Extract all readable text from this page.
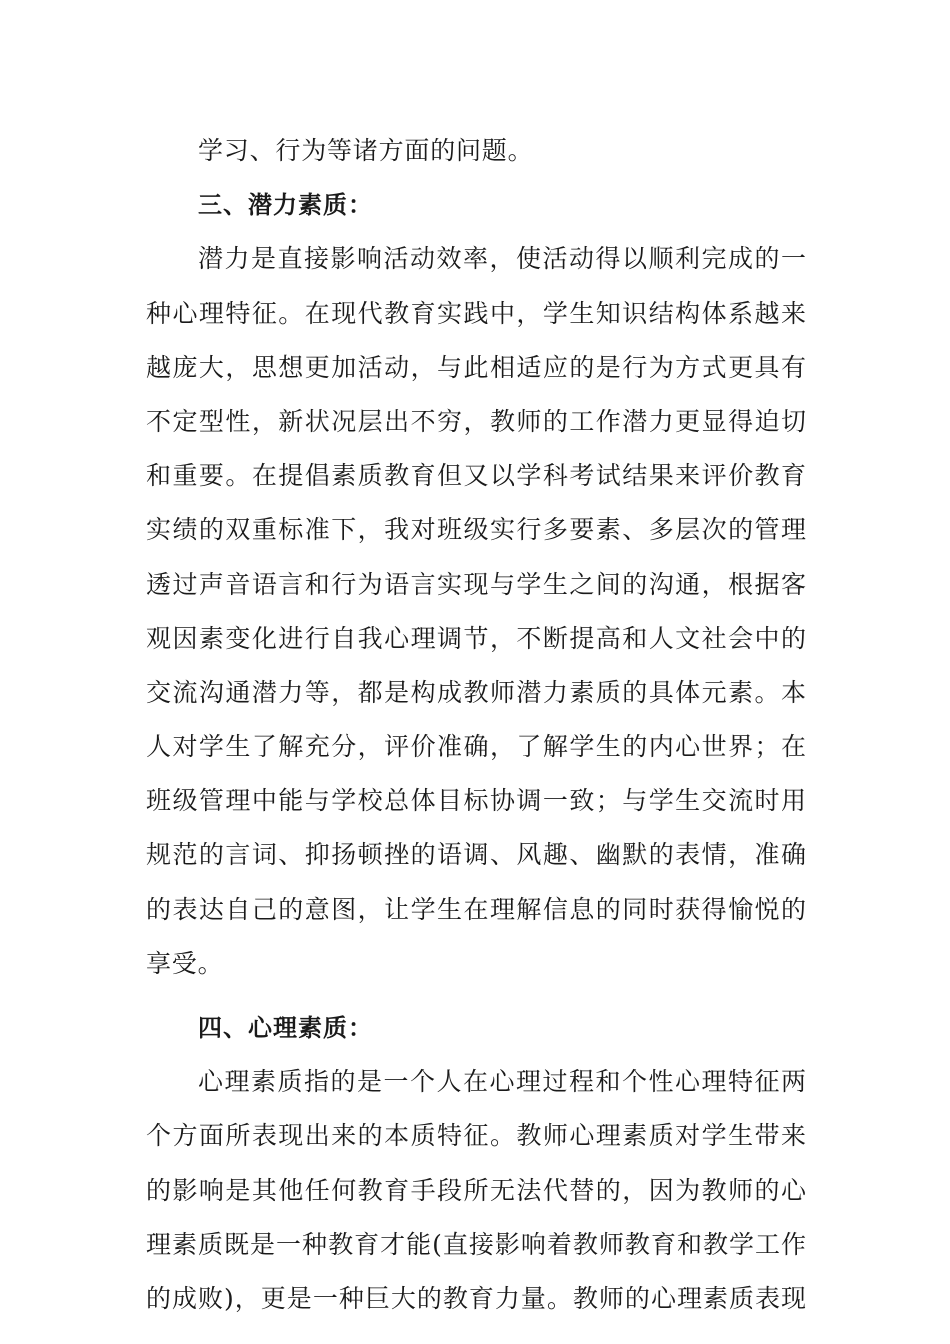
学习、行为等诸方面的问题。
三、潜力素质：
潜力是直接影响活动效率，使活动得以顺利完成的一
种心理特征。在现代教育实践中，学生知识结构体系越来
越庞大，思想更加活动，与此相适应的是行为方式更具有
不定型性，新状况层出不穷，教师的工作潜力更显得迫切
和重要。在提倡素质教育但又以学科考试结果来评价教育
实绩的双重标准下，我对班级实行多要素、多层次的管理
透过声音语言和行为语言实现与学生之间的沟通，根据客
观因素变化进行自我心理调节，不断提高和人文社会中的
交流沟通潜力等，都是构成教师潜力素质的具体元素。本
人对学生了解充分，评价准确，了解学生的内心世界；在
班级管理中能与学校总体目标协调一致；与学生交流时用
规范的言词、抑扬顿挫的语调、风趣、幽默的表情，准确
的表达自己的意图，让学生在理解信息的同时获得愉悦的
享受。
四、心理素质：
心理素质指的是一个人在心理过程和个性心理特征两
个方面所表现出来的本质特征。教师心理素质对学生带来
的影响是其他任何教育手段所无法代替的，因为教师的心
理素质既是一种教育才能(直接影响着教师教育和教学工作
的成败)，更是一种巨大的教育力量。教师的心理素质表现
